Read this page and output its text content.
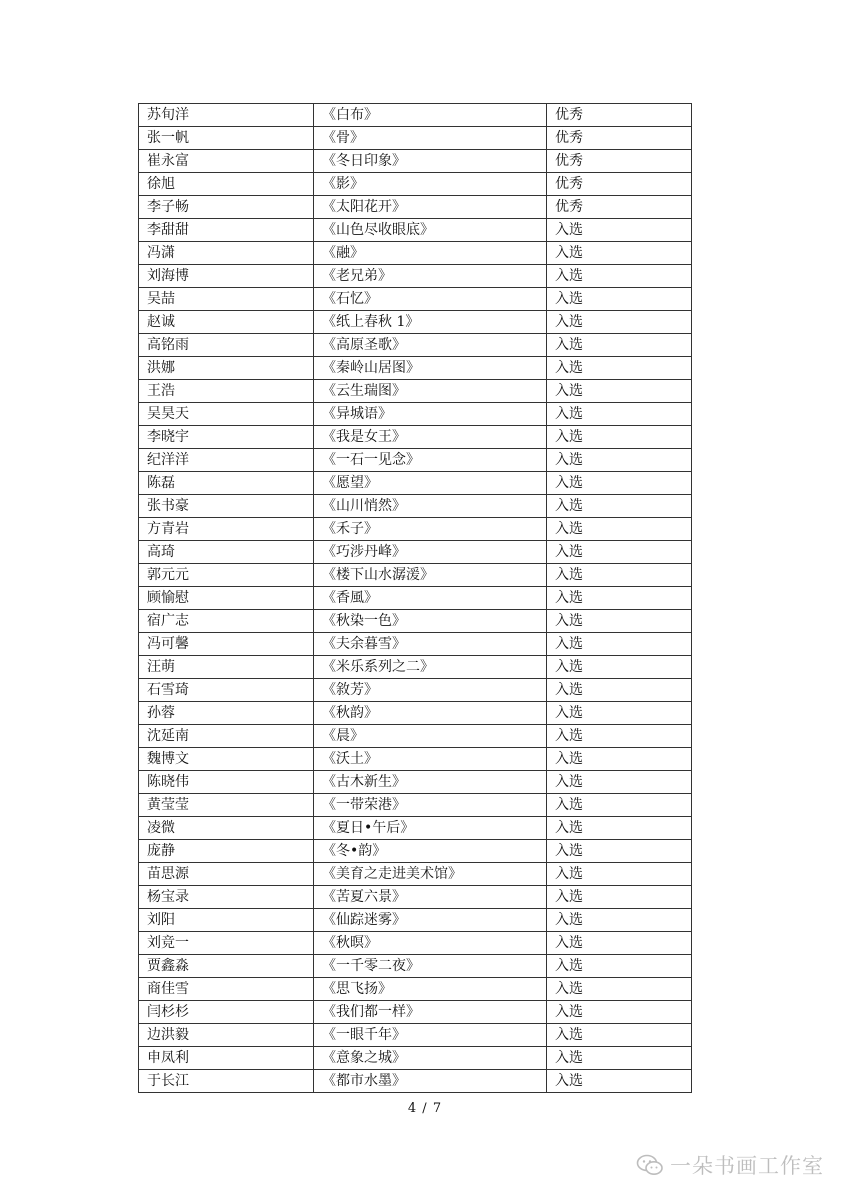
苏旬洋	《白布》	优秀
张一帆	《骨》	优秀
崔永富	《冬日印象》	优秀
徐旭	《影》	优秀
李子畅	《太阳花开》	优秀
李甜甜	《山色尽收眼底》	入选
冯潇	《融》	入选
刘海博	《老兄弟》	入选
吴喆	《石忆》	入选
赵诚	《纸上春秋 1》	入选
高铭雨	《高原圣歌》	入选
洪娜	《秦岭山居图》	入选
王浩	《云生瑞图》	入选
吴昊天	《异城语》	入选
李晓宇	《我是女王》	入选
纪洋洋	《一石一见念》	入选
陈磊	《愿望》	入选
张书豪	《山川悄然》	入选
方青岩	《禾子》	入选
高琦	《巧涉丹峰》	入选
郭元元	《楼下山水潺湲》	入选
顾愉慰	《香風》	入选
宿广志	《秋染一色》	入选
冯可馨	《夫余暮雪》	入选
汪萌	《米乐系列之二》	入选
石雪琦	《敘芳》	入选
孙蓉	《秋韵》	入选
沈延南	《晨》	入选
魏博文	《沃土》	入选
陈晓伟	《古木新生》	入选
黄莹莹	《一带荣港》	入选
凌微	《夏日•午后》	入选
庞静	《冬•韵》	入选
苗思源	《美育之走进美术馆》	入选
杨宝录	《苦夏六景》	入选
刘阳	《仙踪迷雾》	入选
刘竞一	《秋暝》	入选
贾鑫淼	《一千零二夜》	入选
商佳雪	《思飞扬》	入选
闫杉杉	《我们都一样》	入选
边洪毅	《一眼千年》	入选
申凤利	《意象之城》	入选
于长江	《都市水墨》	入选
4 / 7
一朵书画工作室
